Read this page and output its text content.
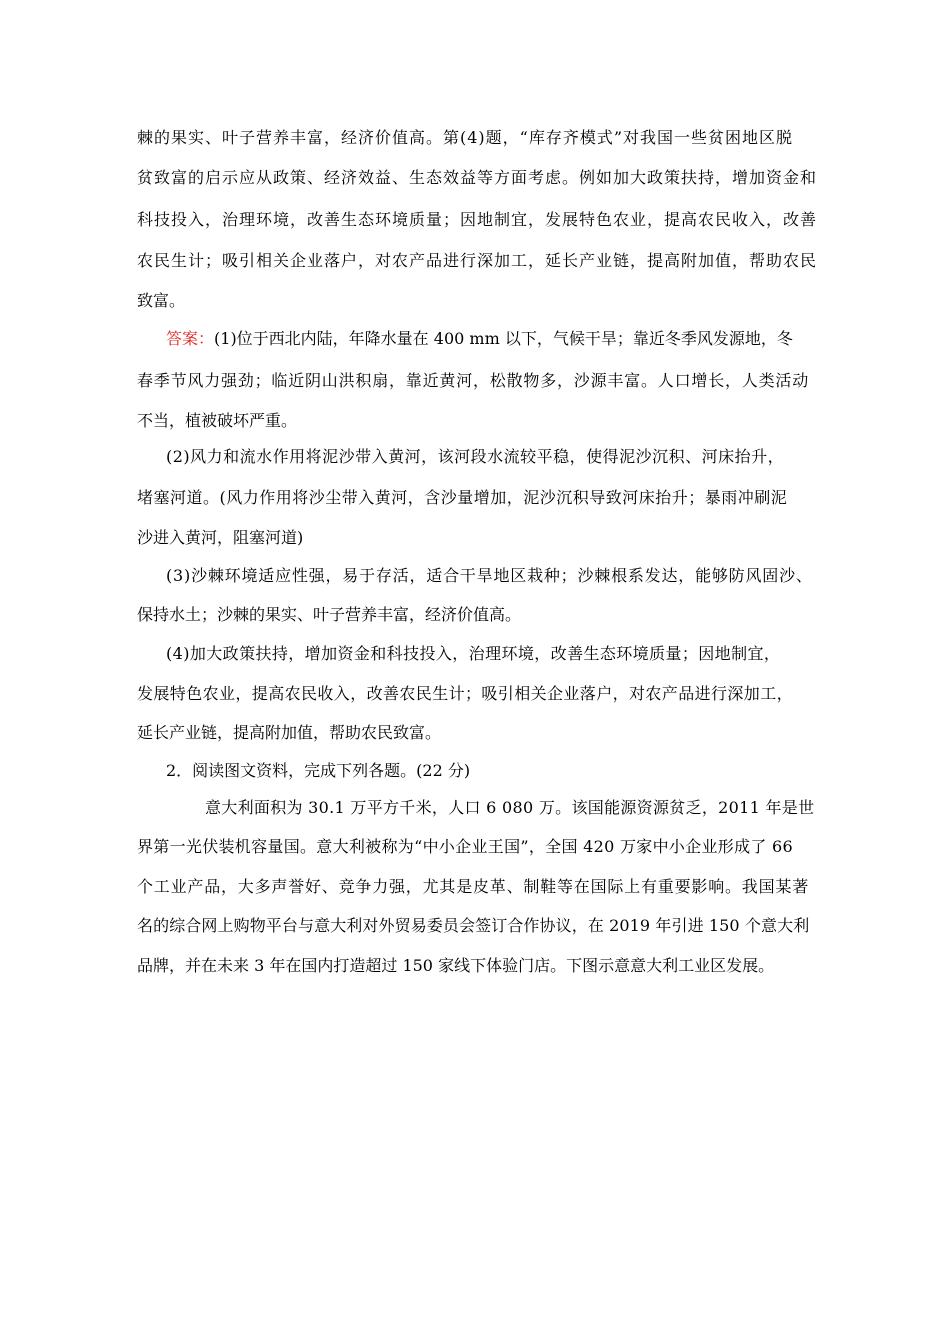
棘的果实、叶子营养丰富，经济价值高。第(4)题，“库存齐模式”对我国一些贫困地区脱
贫致富的启示应从政策、经济效益、生态效益等方面考虑。例如加大政策扶持，增加资金和
科技投入，治理环境，改善生态环境质量；因地制宜，发展特色农业，提高农民收入，改善
农民生计；吸引相关企业落户，对农产品进行深加工，延长产业链，提高附加值，帮助农民
致富。
答案：(1)位于西北内陆，年降水量在 400 mm 以下，气候干旱；靠近冬季风发源地，冬
春季节风力强劲；临近阴山洪积扇，靠近黄河，松散物多，沙源丰富。人口增长，人类活动
不当，植被破坏严重。
(2)风力和流水作用将泥沙带入黄河，该河段水流较平稳，使得泥沙沉积、河床抬升，
堵塞河道。(风力作用将沙尘带入黄河，含沙量增加，泥沙沉积导致河床抬升；暴雨冲刷泥
沙进入黄河，阻塞河道)
(3)沙棘环境适应性强，易于存活，适合干旱地区栽种；沙棘根系发达，能够防风固沙、
保持水土；沙棘的果实、叶子营养丰富，经济价值高。
(4)加大政策扶持，增加资金和科技投入，治理环境，改善生态环境质量；因地制宜，
发展特色农业，提高农民收入，改善农民生计；吸引相关企业落户，对农产品进行深加工，
延长产业链，提高附加值，帮助农民致富。
2．阅读图文资料，完成下列各题。(22 分)
意大利面积为 30.1 万平方千米，人口 6 080 万。该国能源资源贫乏，2011 年是世
界第一光伏装机容量国。意大利被称为“中小企业王国”，全国 420 万家中小企业形成了 66
个工业产品，大多声誉好、竞争力强，尤其是皮革、制鞋等在国际上有重要影响。我国某著
名的综合网上购物平台与意大利对外贸易委员会签订合作协议，在 2019 年引进 150 个意大利
品牌，并在未来 3 年在国内打造超过 150 家线下体验门店。下图示意意大利工业区发展。
